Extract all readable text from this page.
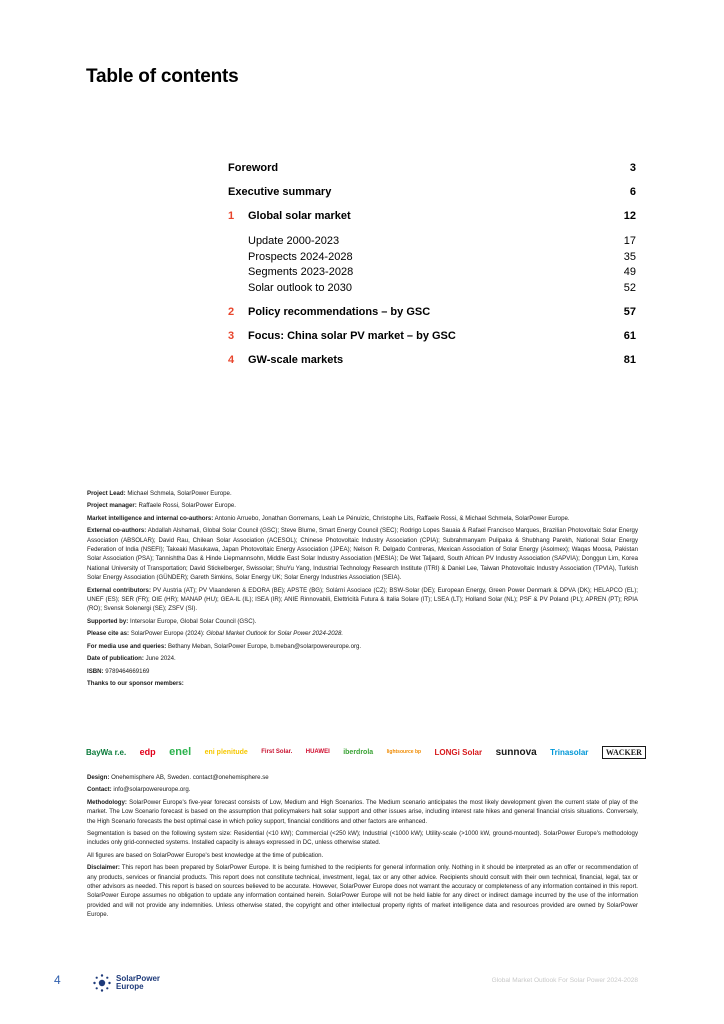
Table of contents
Foreword	3
Executive summary	6
1	Global solar market	12
Update 2000-2023	17
Prospects 2024-2028	35
Segments 2023-2028	49
Solar outlook to 2030	52
2	Policy recommendations – by GSC	57
3	Focus: China solar PV market – by GSC	61
4	GW-scale markets	81

Project Lead: Michael Schmela, SolarPower Europe.

Project manager: Raffaele Rossi, SolarPower Europe.

Market intelligence and internal co-authors: Antonio Arruebo, Jonathan Gorremans, Leah Le Pénuizic, Christophe Lits, Raffaele Rossi, & Michael Schmela, SolarPower Europe.

External co-authors: Abdallah Alshamali, Global Solar Council (GSC); Steve Blume, Smart Energy Council (SEC); Rodrigo Lopes Sauaia & Rafael Francisco Marques, Brazilian Photovoltaic Solar Energy Association (ABSOLAR); David Rau, Chilean Solar Association (ACESOL); Chinese Photovoltaic Industry Association (CPIA); Subrahmanyam Pulipaka & Shubhang Parekh, National Solar Energy Federation of India (NSEFI); Takeaki Masukawa, Japan Photovoltaic Energy Association (JPEA); Nelson R. Delgado Contreras, Mexican Association of Solar Energy (Asolmex); Waqas Moosa, Pakistan Solar Association (PSA); Tannishtha Das & Hinde Liepmannsohn, Middle East Solar Industry Association (MESIA); De Wet Taljaard, South African PV Industry Association (SAPVIA); Donggun Lim, Korea National University of Transportation; David Stickelberger, Swissolar; ShuYu Yang, Industrial Technology Research Institute (ITRI) & Daniel Lee, Taiwan Photovoltaic Industry Association (TPVIA), Turkish Solar Energy Association (GÜNDER); Gareth Simkins, Solar Energy UK; Solar Energy Industries Association (SEIA).

External contributors: PV Austria (AT); PV Vlaanderen & EDORA (BE); APSTE (BG); Solární Asociace (CZ); BSW-Solar (DE); European Energy, Green Power Denmark & DPVA (DK); HELAPCO (EL); UNEF (ES); SER (FR); OIE (HR); MANAP (HU); GEA-IL (IL); ISEA (IR); ANIE Rinnovabili, Elettricità Futura & Italia Solare (IT); LSEA (LT); Holland Solar (NL); PSF & PV Poland (PL); APREN (PT); RPIA (RO); Svensk Solenergi (SE); ZSFV (SI).

Supported by: Intersolar Europe, Global Solar Council (GSC).

Please cite as: SolarPower Europe (2024): Global Market Outlook for Solar Power 2024-2028.

For media use and queries: Bethany Meban, SolarPower Europe, b.meban@solarpowereurope.org.

Date of publication: June 2024.

ISBN: 9789464669169

Thanks to our sponsor members:

BayWa r.e. edp enel eni plenitude First Solar. HUAWEI iberdrola	lightsource bp LONGi Solar sunnova Trinasolar	WACKER

Design: Onehemisphere AB, Sweden. contact@onehemisphere.se

Contact: info@solarpowereurope.org.

Methodology: SolarPower Europe's five-year forecast consists of Low, Medium and High Scenarios. The Medium scenario anticipates the most likely development given the current state of play of the market. The Low Scenario forecast is based on the assumption that policymakers halt solar support and other issues arise, including interest rate hikes and general financial crisis situations. Conversely, the High Scenario forecasts the best optimal case in which policy support, financial conditions and other factors are enhanced.

Segmentation is based on the following system size: Residential (<10 kW); Commercial (<250 kW); Industrial (<1000 kW); Utility-scale (>1000 kW, ground-mounted). SolarPower Europe's methodology includes only grid-connected systems. Installed capacity is always expressed in DC, unless otherwise stated.

All figures are based on SolarPower Europe's best knowledge at the time of publication.

Disclaimer: This report has been prepared by SolarPower Europe. It is being furnished to the recipients for general information only. Nothing in it should be interpreted as an offer or recommendation of any products, services or financial products. This report does not constitute technical, investment, legal, tax or any other advice. Recipients should consult with their own technical, financial, legal, tax or other advisors as needed. This report is based on sources believed to be accurate. However, SolarPower Europe does not warrant the accuracy or completeness of any information contained in this report. SolarPower Europe assumes no obligation to update any information contained herein. SolarPower Europe will not be held liable for any direct or indirect damage incurred by the use of the information provided and will not provide any indemnities. Unless otherwise stated, the copyright and other intellectual property rights of market intelligence data and resources provided are owned by SolarPower Europe.

4	SolarPower
Europe
Global Market Outlook For Solar Power 2024-2028
